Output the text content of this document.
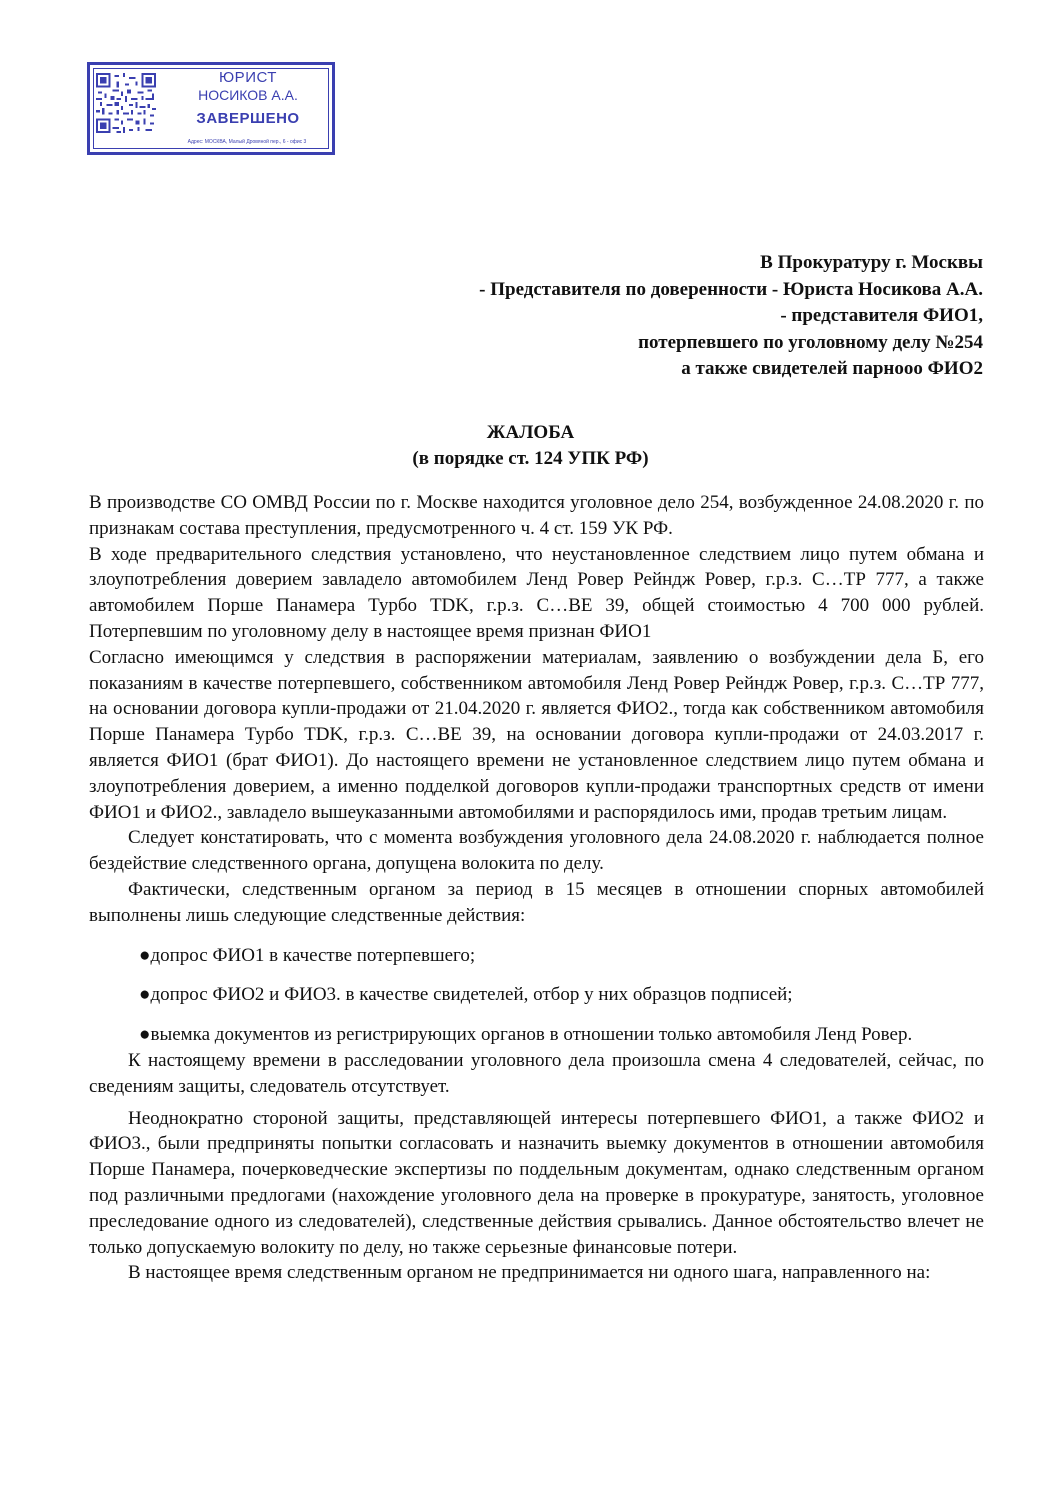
ЮРИСТ
НОСИКОВ А.А.
ЗАВЕРШЕНО
Адрес: МОСКВА, Малый Дровяной пер., 6 - офис 3
В Прокуратуру г. Москвы
- Представителя по доверенности - Юриста Носикова А.А.
- представителя ФИО1,
потерпевшего по уголовному делу №254
а также свидетелей парнооо ФИО2
ЖАЛОБА
(в порядке ст. 124 УПК РФ)

В производстве СО ОМВД России по г. Москве находится уголовное дело 254, возбужденное 24.08.2020 г. по признакам состава преступления, предусмотренного ч. 4 ст. 159 УК РФ.

В ходе предварительного следствия установлено, что неустановленное следствием лицо путем обмана и злоупотребления доверием завладело автомобилем Ленд Ровер Рейндж Ровер, г.р.з. С…ТР 777, а также автомобилем Порше Панамера Турбо TDK, г.р.з. С…ВЕ 39, общей стоимостью 4 700 000 рублей. Потерпевшим по уголовному делу в настоящее время признан ФИО1

Согласно имеющимся у следствия в распоряжении материалам, заявлению о возбуждении дела Б, его показаниям в качестве потерпевшего, собственником автомобиля Ленд Ровер Рейндж Ровер, г.р.з. С…ТР 777, на основании договора купли-продажи от 21.04.2020 г. является ФИО2., тогда как собственником автомобиля Порше Панамера Турбо TDK, г.р.з. С…ВЕ 39, на основании договора купли-продажи от 24.03.2017 г. является ФИО1 (брат ФИО1). До настоящего времени не установленное следствием лицо путем обмана и злоупотребления доверием, а именно подделкой договоров купли-продажи транспортных средств от имени ФИО1 и ФИО2., завладело вышеуказанными автомобилями и распорядилось ими, продав третьим лицам.

Следует констатировать, что с момента возбуждения уголовного дела 24.08.2020 г. наблюдается полное бездействие следственного органа, допущена волокита по делу.

Фактически, следственным органом за период в 15 месяцев в отношении спорных автомобилей выполнены лишь следующие следственные действия:

●допрос ФИО1 в качестве потерпевшего;

●допрос ФИО2 и ФИО3. в качестве свидетелей, отбор у них образцов подписей;

●выемка документов из регистрирующих органов в отношении только автомобиля Ленд Ровер.

К настоящему времени в расследовании уголовного дела произошла смена 4 следователей, сейчас, по сведениям защиты, следователь отсутствует.

Неоднократно стороной защиты, представляющей интересы потерпевшего ФИО1, а также ФИО2 и ФИО3., были предприняты попытки согласовать и назначить выемку документов в отношении автомобиля Порше Панамера, почерковедческие экспертизы по поддельным документам, однако следственным органом под различными предлогами (нахождение уголовного дела на проверке в прокуратуре, занятость, уголовное преследование одного из следователей), следственные действия срывались. Данное обстоятельство влечет не только допускаемую волокиту по делу, но также серьезные финансовые потери.

В настоящее время следственным органом не предпринимается ни одного шага, направленного на:
